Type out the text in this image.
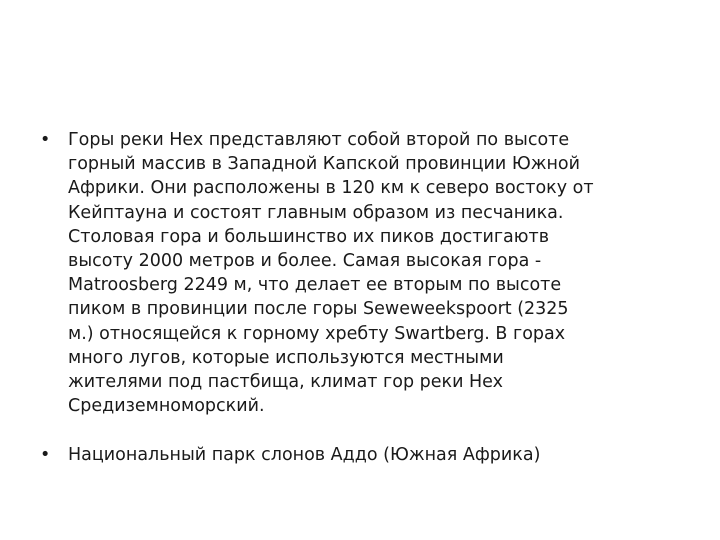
•	Горы реки Hex представляют собой второй по высоте
горный массив в Западной Капской провинции Южной
Африки. Они расположены в 120 км к северо востоку от
Кейптауна и состоят главным образом из песчаника.
Столовая гора и большинство их пиков достигаютв
высоту 2000 метров и более. Самая высокая гора -
Matroosberg 2249 м, что делает ее вторым по высоте
пиком в провинции после горы Seweweekspoort (2325
м.) относящейся к горному хребту Swartberg. В горах
много лугов, которые используются местными
жителями под пастбища, климат гор реки Hex
Средиземноморский.
•	Национальный парк слонов Аддо (Южная Африка)
